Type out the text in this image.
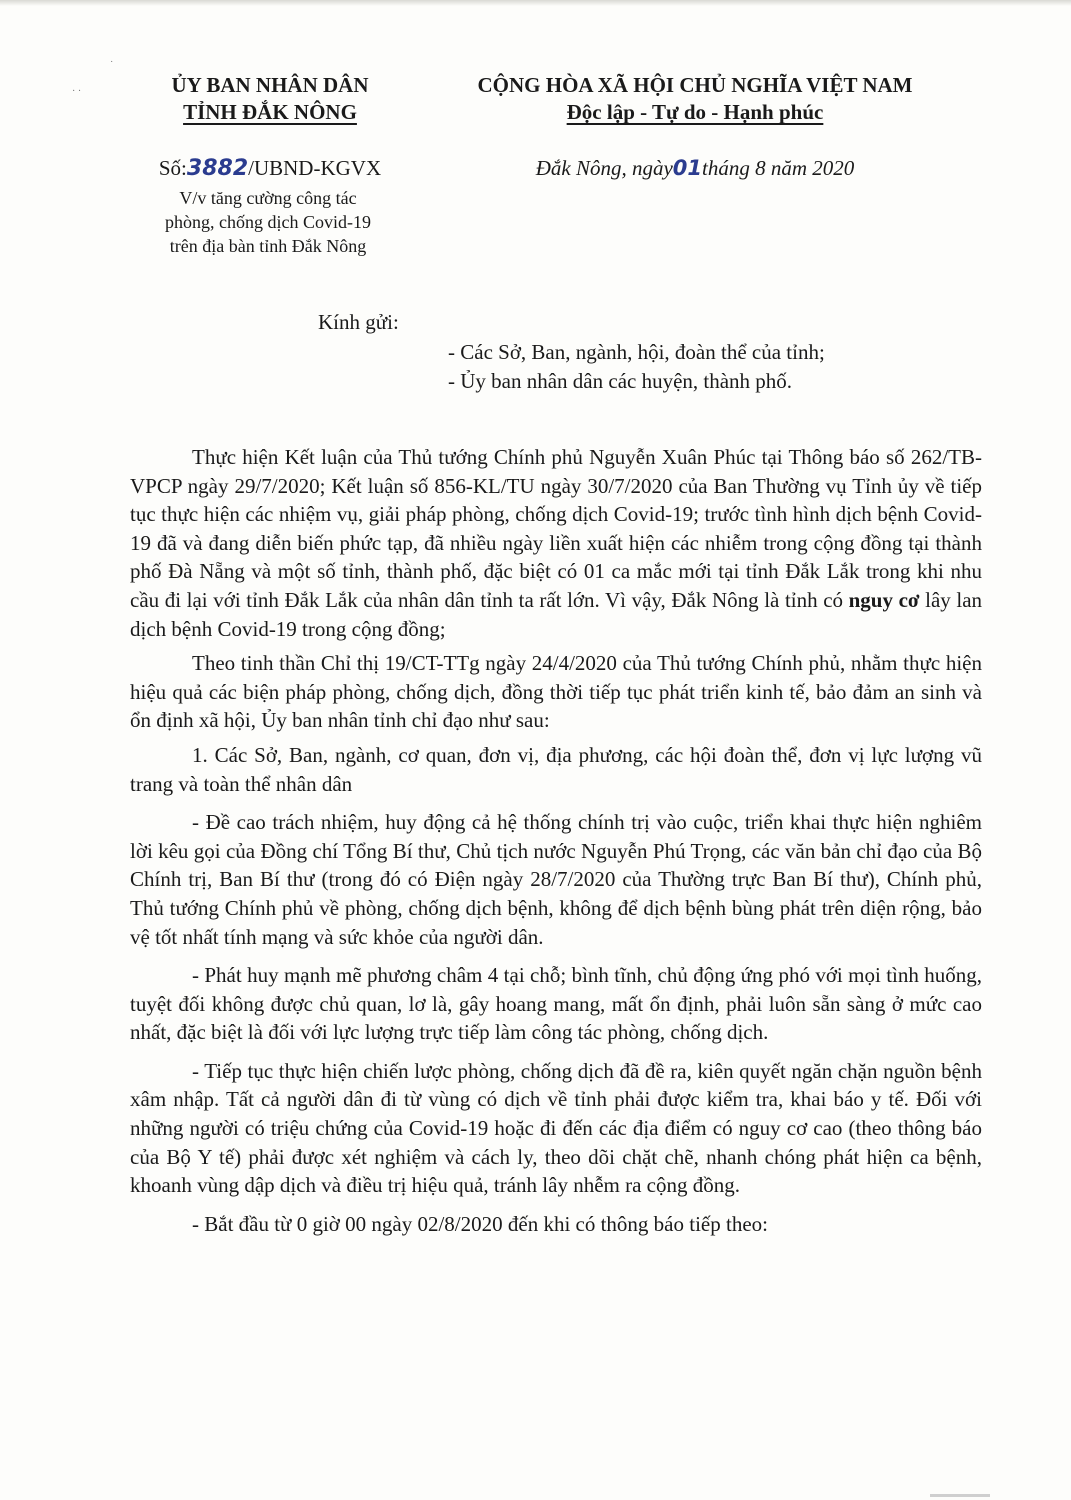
· ·
˙
ỦY BAN NHÂN DÂN
TỈNH ĐẮK NÔNG
CỘNG HÒA XÃ HỘI CHỦ NGHĨA VIỆT NAM
Độc lập - Tự do - Hạnh phúc
Số:3882/UBND-KGVX
V/v tăng cường công tác
phòng, chống dịch Covid-19
trên địa bàn tỉnh Đắk Nông
Đắk Nông, ngày01tháng 8 năm 2020
Kính gửi:
- Các Sở, Ban, ngành, hội, đoàn thể của tỉnh;
- Ủy ban nhân dân các huyện, thành phố.

Thực hiện Kết luận của Thủ tướng Chính phủ Nguyễn Xuân Phúc tại Thông báo số 262/TB-VPCP ngày 29/7/2020; Kết luận số 856-KL/TU ngày 30/7/2020 của Ban Thường vụ Tỉnh ủy về tiếp tục thực hiện các nhiệm vụ, giải pháp phòng, chống dịch Covid-19; trước tình hình dịch bệnh Covid-19 đã và đang diễn biến phức tạp, đã nhiều ngày liền xuất hiện các nhiễm trong cộng đồng tại thành phố Đà Nẵng và một số tỉnh, thành phố, đặc biệt có 01 ca mắc mới tại tỉnh Đắk Lắk trong khi nhu cầu đi lại với tỉnh Đắk Lắk của nhân dân tỉnh ta rất lớn. Vì vậy, Đắk Nông là tỉnh có nguy cơ lây lan dịch bệnh Covid-19 trong cộng đồng;

Theo tinh thần Chỉ thị 19/CT-TTg ngày 24/4/2020 của Thủ tướng Chính phủ, nhằm thực hiện hiệu quả các biện pháp phòng, chống dịch, đồng thời tiếp tục phát triển kinh tế, bảo đảm an sinh và ổn định xã hội, Ủy ban nhân tỉnh chỉ đạo như sau:

1. Các Sở, Ban, ngành, cơ quan, đơn vị, địa phương, các hội đoàn thể, đơn vị lực lượng vũ trang và toàn thể nhân dân

- Đề cao trách nhiệm, huy động cả hệ thống chính trị vào cuộc, triển khai thực hiện nghiêm lời kêu gọi của Đồng chí Tổng Bí thư, Chủ tịch nước Nguyễn Phú Trọng, các văn bản chỉ đạo của Bộ Chính trị, Ban Bí thư (trong đó có Điện ngày 28/7/2020 của Thường trực Ban Bí thư), Chính phủ, Thủ tướng Chính phủ về phòng, chống dịch bệnh, không để dịch bệnh bùng phát trên diện rộng, bảo vệ tốt nhất tính mạng và sức khỏe của người dân.

- Phát huy mạnh mẽ phương châm 4 tại chỗ; bình tĩnh, chủ động ứng phó với mọi tình huống, tuyệt đối không được chủ quan, lơ là, gây hoang mang, mất ổn định, phải luôn sẵn sàng ở mức cao nhất, đặc biệt là đối với lực lượng trực tiếp làm công tác phòng, chống dịch.

- Tiếp tục thực hiện chiến lược phòng, chống dịch đã đề ra, kiên quyết ngăn chặn nguồn bệnh xâm nhập. Tất cả người dân đi từ vùng có dịch về tỉnh phải được kiểm tra, khai báo y tế. Đối với những người có triệu chứng của Covid-19 hoặc đi đến các địa điểm có nguy cơ cao (theo thông báo của Bộ Y tế) phải được xét nghiệm và cách ly, theo dõi chặt chẽ, nhanh chóng phát hiện ca bệnh, khoanh vùng dập dịch và điều trị hiệu quả, tránh lây nhễm ra cộng đồng.

- Bắt đầu từ 0 giờ 00 ngày 02/8/2020 đến khi có thông báo tiếp theo:
